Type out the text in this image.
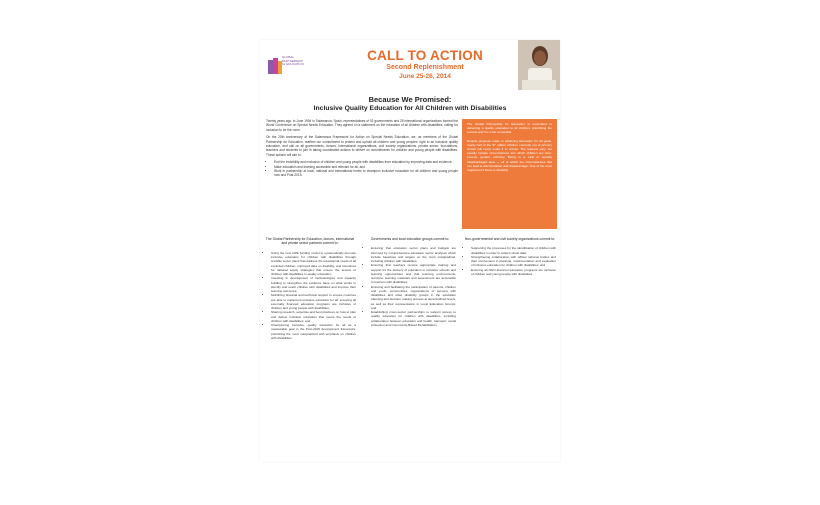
GLOBAL PARTNERSHIP for EDUCATION
CALL TO ACTION
Second Replenishment
June 25-26, 2014
Because We Promised:
Inclusive Quality Education for All Children with Disabilities

Twenty years ago, in June 1994 in Salamanca, Spain, representatives of 92 governments and 25 international organizations formed the World Conference on Special Needs Education. They agreed on a statement on the education of all children with disabilities, calling for inclusion to be the norm.

On the 20th anniversary of the Salamanca Framework for Action on Special Needs Education, we, as members of the Global Partnership for Education, reaffirm our commitment to protect and uphold all children and young peoples' right to an inclusive quality education, and call on all governments, donors, international organizations, civil society organizations, private sector, foundations, teachers and students to join in taking coordinated actions to deliver on commitments for children and young people with disabilities. These actions will aim to:

• End the invisibility and exclusion of children and young people with disabilities from education by improving data and evidence;
• Make education and learning accessible and relevant for all; and
• Work in partnership at local, national and international levels to champion inclusive education for all children and young people now and Post-2015.

The Global Partnership for Education is committed to delivering a quality education to all children, prioritizing the poorest and the most vulnerable.

Despite progress made in achieving Education for All goals, nearly half of the 57 million children currently out of primary school will never make it to school. The reasons vary, but usually include circumstances into which children are born: poverty, gender, ethnicity. Being in a rural or socially disadvantaged area — all of which are circumstances that can lead to discrimination and disadvantage. One of the most neglected of these is disability.

The Global Partnership for Education, donors, international and private sector partners commit to:
• Using the new GPE funding model to systematically promote inclusive education for children with disabilities through credible sector plans that address the educational needs of all excluded children, improved data on disability, and incentives for national equity strategies that ensure the access of children with disabilities to quality education;
• Investing in development of methodologies and capacity building to strengthen the evidence base on what works to identify and reach children with disabilities and improve their learning outcomes;
• Mobilizing financial and technical support to ensure countries are able to implement inclusive education for all, ensuring all externally financed education programs are inclusive of children and young people with disabilities;
• Sharing research, expertise and best practices on how to plan and deliver inclusive education that meets the needs of children with disabilities; and
• Championing inclusive, quality education for all as a measurable goal in the Post-2015 development framework, prioritizing the most marginalized with emphasis on children with disabilities.
Governments and local education groups commit to:
• Ensuring that education sector plans and budgets are informed by comprehensive education sector analyses which include baselines and targets on the most marginalized, including children with disabilities;
• Ensuring that teachers receive appropriate training and support for the delivery of education in inclusive schools and learning opportunities and that learning environments, curricula, learning materials and assessment are accessible to learners with disabilities;
• Ensuring and facilitating the participation of parents, children and youth, communities, organizations of persons with disabilities and other disability groups in the education planning and decision making process at decentralized levels, as well as their representation in Local Education Groups; and
• Establishing cross-sector partnerships to support access to quality education for children with disabilities, including collaboration between education and health, transport, social protection and Community-Based Rehabilitation.
Non-governmental and civil society organizations commit to:
• Supporting the processes for the identification of children with disabilities in order to collect robust data;
• Strengthening collaboration with official national bodies and their involvement in planning, implementation and evaluation of inclusive education for children with disabilities; and
• Ensuring all NGO-financed education programs are inclusive of children and young people with disabilities.
